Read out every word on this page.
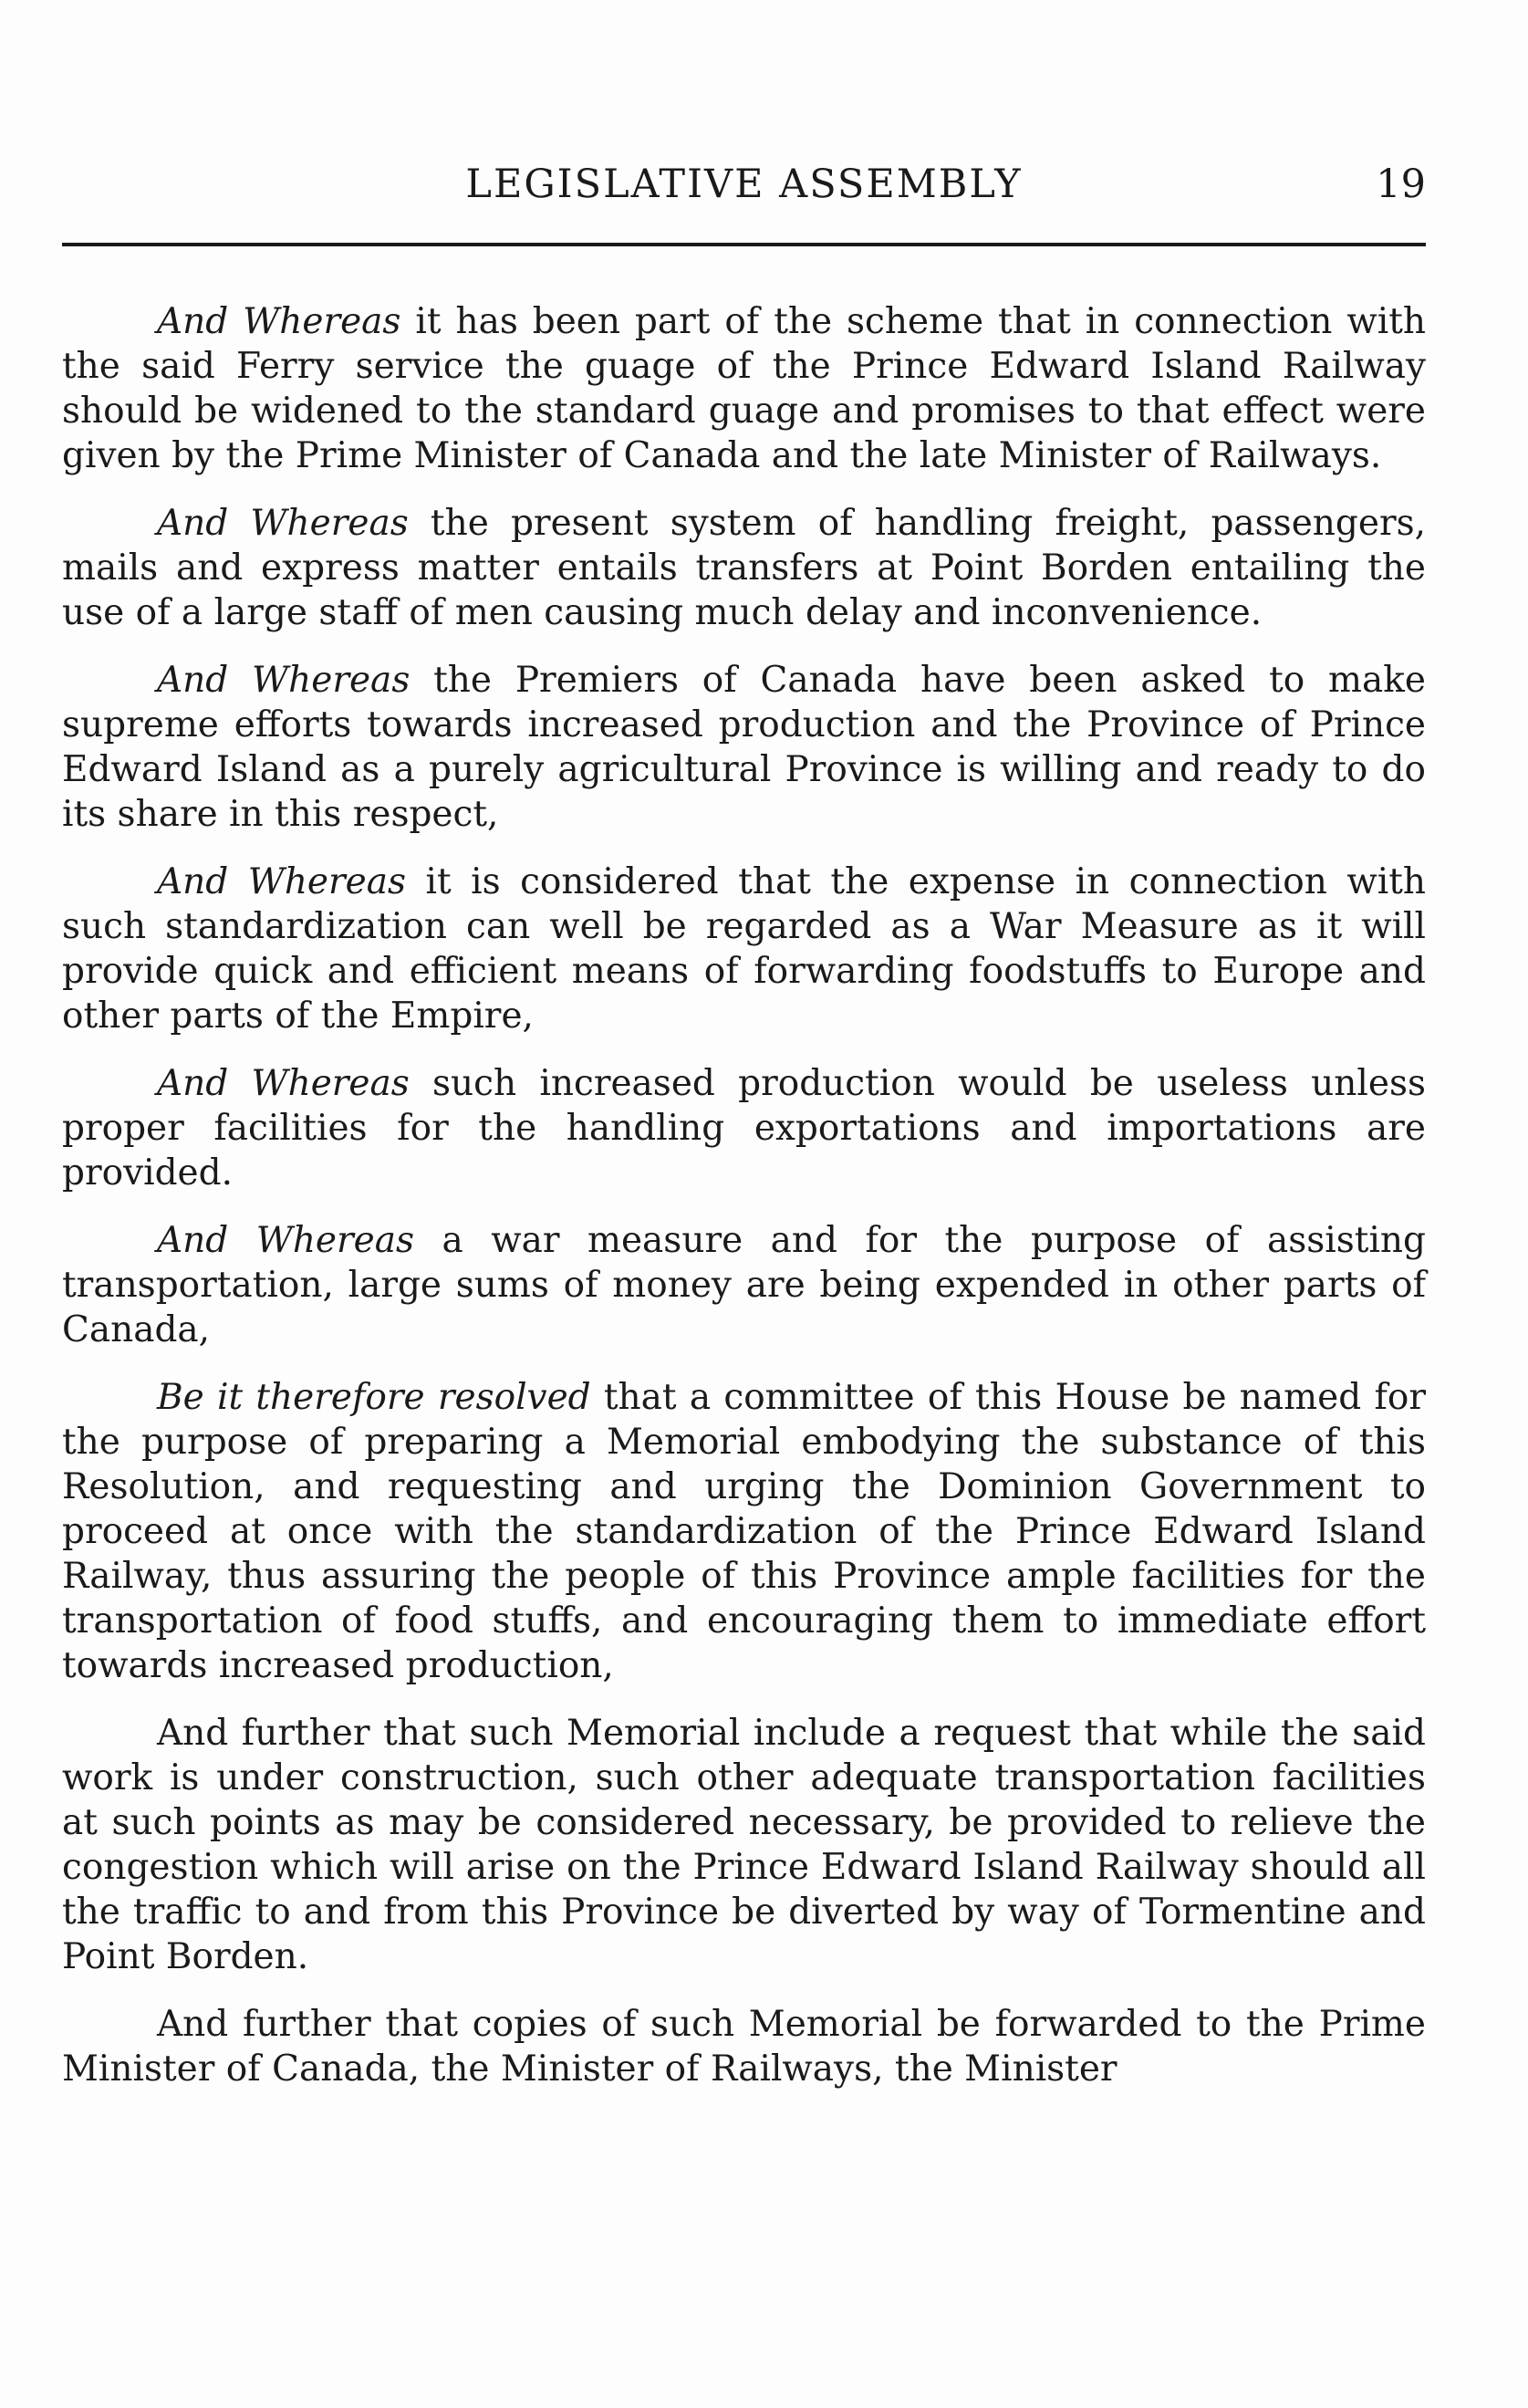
LEGISLATIVE ASSEMBLY	19

And Whereas it has been part of the scheme that in connection with the said Ferry service the guage of the Prince Edward Island Railway should be widened to the standard guage and promises to that effect were given by the Prime Minister of Canada and the late Minister of Railways.

And Whereas the present system of handling freight, passengers, mails and express matter entails transfers at Point Borden entailing the use of a large staff of men causing much delay and inconvenience.

And Whereas the Premiers of Canada have been asked to make supreme efforts towards increased production and the Province of Prince Edward Island as a purely agricultural Province is willing and ready to do its share in this respect,

And Whereas it is considered that the expense in connection with such standardization can well be regarded as a War Measure as it will provide quick and efficient means of forwarding foodstuffs to Europe and other parts of the Empire,

And Whereas such increased production would be useless unless proper facilities for the handling exportations and importations are provided.

And Whereas a war measure and for the purpose of assisting transportation, large sums of money are being expended in other parts of Canada,

Be it therefore resolved that a committee of this House be named for the purpose of preparing a Memorial embodying the substance of this Resolution, and requesting and urging the Dominion Government to proceed at once with the standardization of the Prince Edward Island Railway, thus assuring the people of this Province ample facilities for the transportation of food stuffs, and encouraging them to immediate effort towards increased production,

And further that such Memorial include a request that while the said work is under construction, such other adequate transportation facilities at such points as may be considered necessary, be provided to relieve the congestion which will arise on the Prince Edward Island Railway should all the traffic to and from this Province be diverted by way of Tormentine and Point Borden.

And further that copies of such Memorial be forwarded to the Prime Minister of Canada, the Minister of Railways, the Minister
